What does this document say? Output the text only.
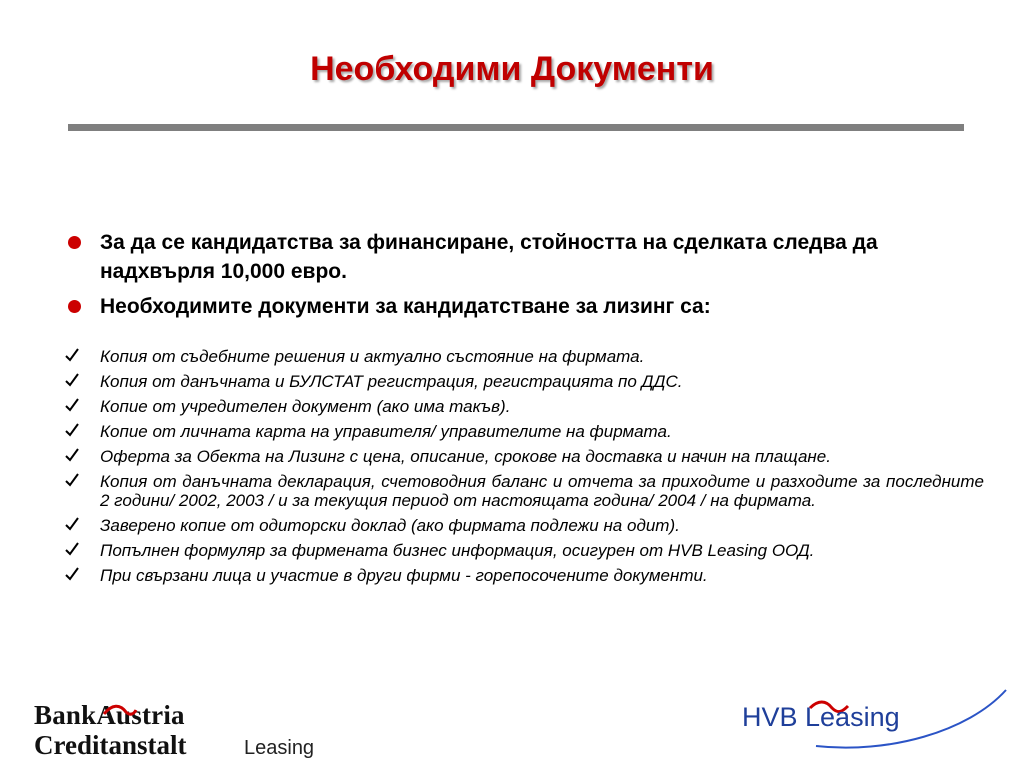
Необходими Документи
За да се кандидатства за финансиране, стойността на сделката следва да надхвърля 10,000 евро.
Необходимите документи за кандидатстване за лизинг са:
Копия от съдебните решения и актуално състояние на фирмата.
Копия от данъчната и БУЛСТАТ регистрация, регистрацията по ДДС.
Копие от учредителен документ (ако има такъв).
Копие от личната карта на управителя/ управителите на фирмата.
Оферта за Обекта на Лизинг с цена, описание, срокове на доставка и начин на плащане.
Копия от данъчната декларация, счетоводния баланс и отчета за приходите и разходите за последните 2 години/ 2002, 2003 / и за текущия период от настоящата година/ 2004 / на фирмата.
Заверено копие от одиторски доклад (ако фирмата подлежи на одит).
Попълнен формуляр за фирмената бизнес информация, осигурен от HVB Leasing ООД.
При свързани лица и участие в други фирми - горепосочените документи.
BankAustria
Creditanstalt	Leasing
HVB Leasing
